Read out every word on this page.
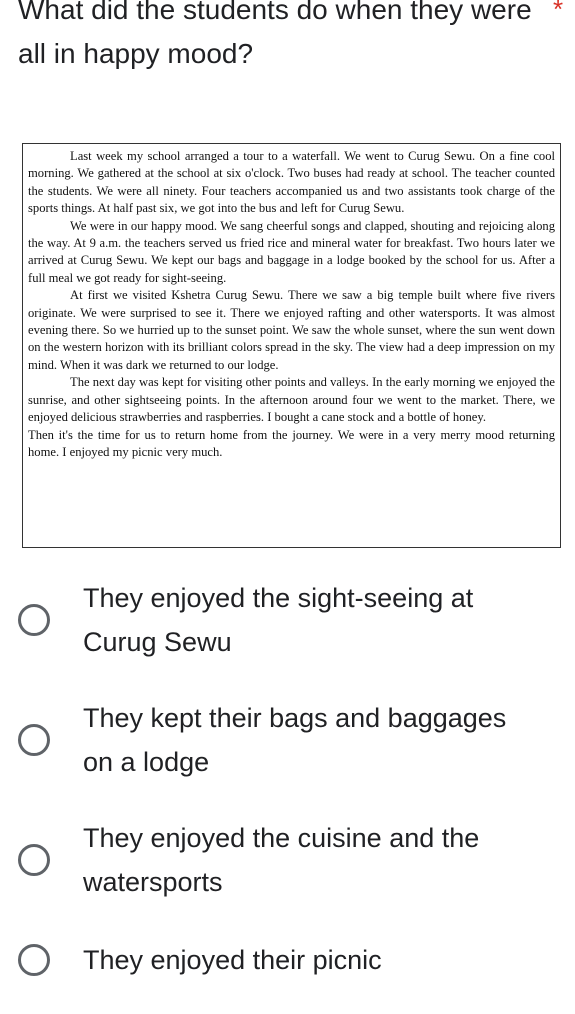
What did the students do when they were all in happy mood?
*

Last week my school arranged a tour to a waterfall. We went to Curug Sewu. On a fine cool morning. We gathered at the school at six o'clock. Two buses had ready at school. The teacher counted the students. We were all ninety. Four teachers accompanied us and two assistants took charge of the sports things. At half past six, we got into the bus and left for Curug Sewu.

We were in our happy mood. We sang cheerful songs and clapped, shouting and rejoicing along the way. At 9 a.m. the teachers served us fried rice and mineral water for breakfast. Two hours later we arrived at Curug Sewu. We kept our bags and baggage in a lodge booked by the school for us. After a full meal we got ready for sight-seeing.

At first we visited Kshetra Curug Sewu. There we saw a big temple built where five rivers originate. We were surprised to see it. There we enjoyed rafting and other watersports. It was almost evening there. So we hurried up to the sunset point. We saw the whole sunset, where the sun went down on the western horizon with its brilliant colors spread in the sky. The view had a deep impression on my mind. When it was dark we returned to our lodge.

The next day was kept for visiting other points and valleys. In the early morning we enjoyed the sunrise, and other sightseeing points. In the afternoon around four we went to the market. There, we enjoyed delicious strawberries and raspberries. I bought a cane stock and a bottle of honey.

Then it's the time for us to return home from the journey. We were in a very merry mood returning home. I enjoyed my picnic very much.

They enjoyed the sight-seeing at Curug Sewu
They kept their bags and baggages on a lodge
They enjoyed the cuisine and the watersports
They enjoyed their picnic
